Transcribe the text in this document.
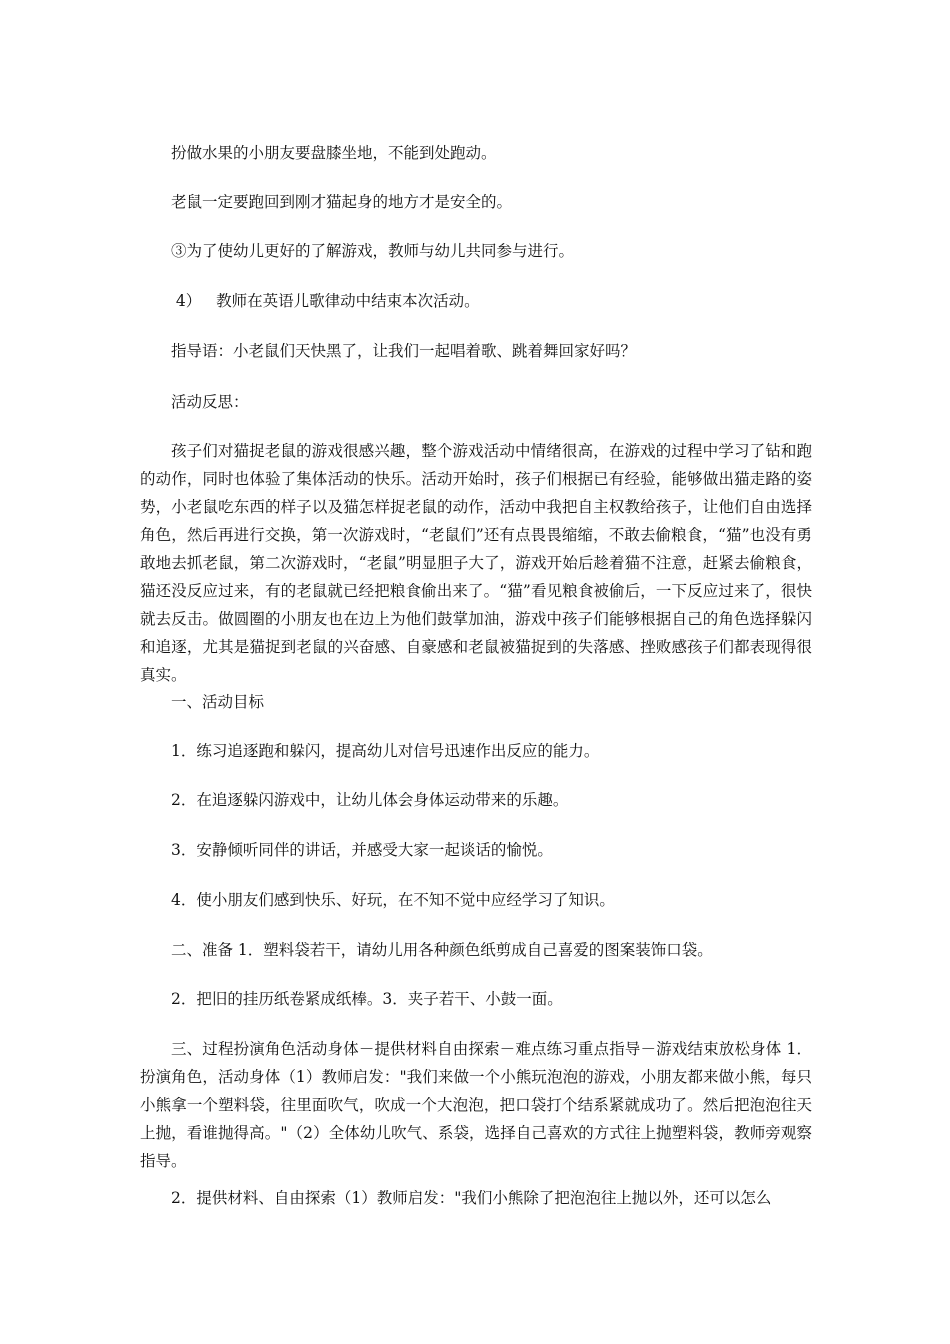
扮做水果的小朋友要盘膝坐地，不能到处跑动。
老鼠一定要跑回到刚才猫起身的地方才是安全的。
③为了使幼儿更好的了解游戏，教师与幼儿共同参与进行。
4）   教师在英语儿歌律动中结束本次活动。
指导语：小老鼠们天快黑了，让我们一起唱着歌、跳着舞回家好吗？
活动反思：

孩子们对猫捉老鼠的游戏很感兴趣，整个游戏活动中情绪很高，在游戏的过程中学习了钻和跑的动作，同时也体验了集体活动的快乐。活动开始时，孩子们根据已有经验，能够做出猫走路的姿势，小老鼠吃东西的样子以及猫怎样捉老鼠的动作，活动中我把自主权教给孩子，让他们自由选择角色，然后再进行交换，第一次游戏时，“老鼠们”还有点畏畏缩缩，不敢去偷粮食，“猫”也没有勇敢地去抓老鼠，第二次游戏时，“老鼠”明显胆子大了，游戏开始后趁着猫不注意，赶紧去偷粮食，猫还没反应过来，有的老鼠就已经把粮食偷出来了。“猫”看见粮食被偷后，一下反应过来了，很快就去反击。做圆圈的小朋友也在边上为他们鼓掌加油，游戏中孩子们能够根据自己的角色选择躲闪和追逐，尤其是猫捉到老鼠的兴奋感、自豪感和老鼠被猫捉到的失落感、挫败感孩子们都表现得很真实。

一、活动目标
1．练习追逐跑和躲闪，提高幼儿对信号迅速作出反应的能力。
2．在追逐躲闪游戏中，让幼儿体会身体运动带来的乐趣。
3．安静倾听同伴的讲话，并感受大家一起谈话的愉悦。
4．使小朋友们感到快乐、好玩，在不知不觉中应经学习了知识。
二、准备 1．塑料袋若干，请幼儿用各种颜色纸剪成自己喜爱的图案装饰口袋。
2．把旧的挂历纸卷紧成纸棒。3．夹子若干、小鼓一面。

三、过程扮演角色活动身体－提供材料自由探索－难点练习重点指导－游戏结束放松身体 1．扮演角色，活动身体（1）教师启发："我们来做一个小熊玩泡泡的游戏，小朋友都来做小熊，每只小熊拿一个塑料袋，往里面吹气，吹成一个大泡泡，把口袋打个结系紧就成功了。然后把泡泡往天上抛，看谁抛得高。"（2）全体幼儿吹气、系袋，选择自己喜欢的方式往上抛塑料袋，教师旁观察指导。

2．提供材料、自由探索（1）教师启发："我们小熊除了把泡泡往上抛以外，还可以怎么
